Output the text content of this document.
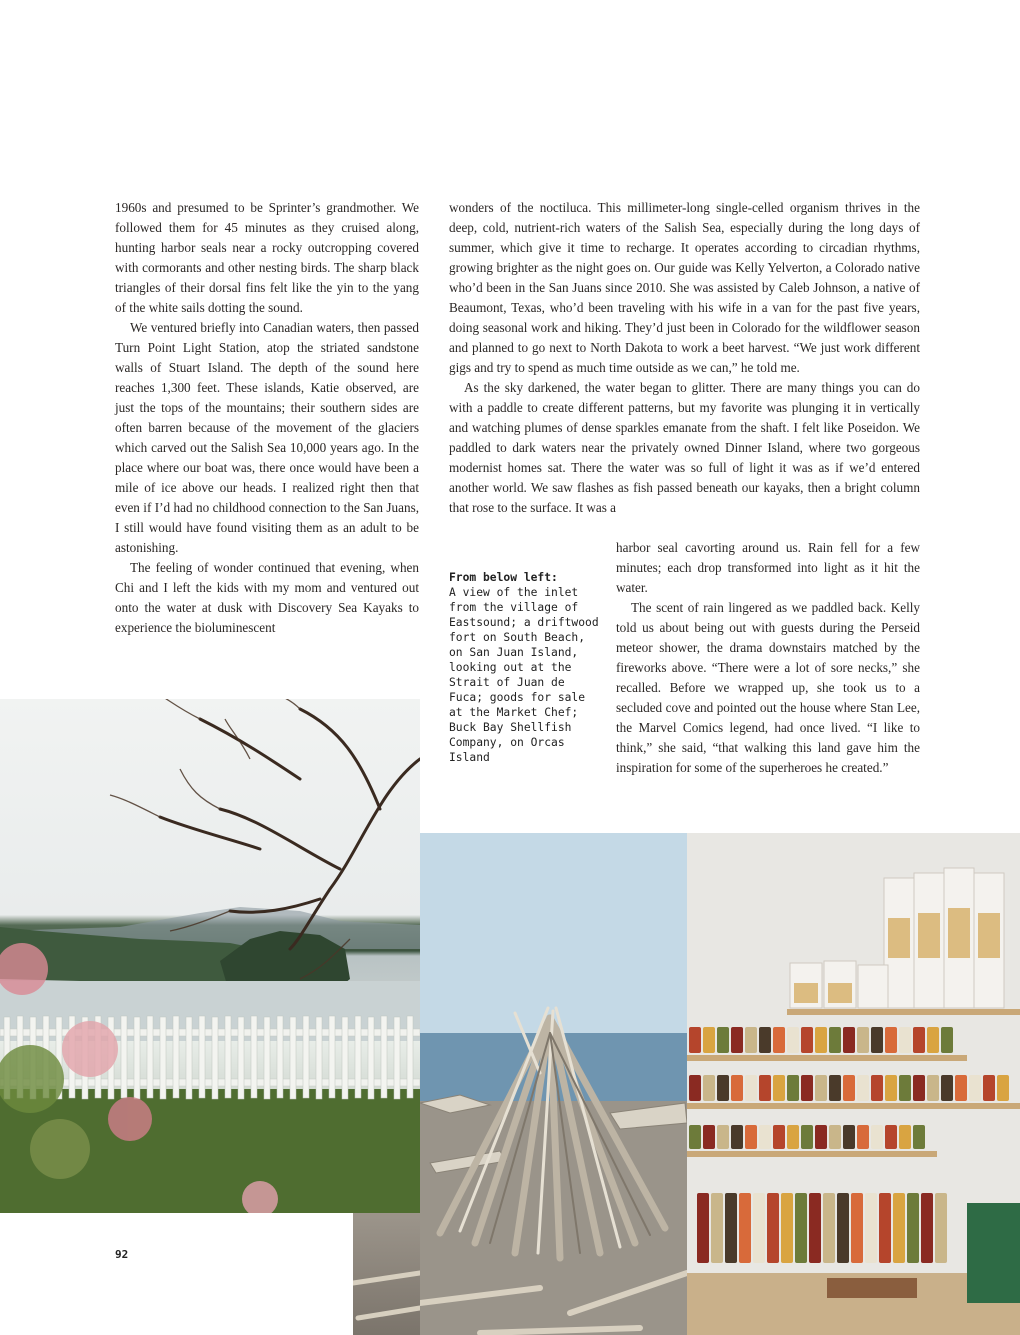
1960s and presumed to be Sprinter’s grandmother. We followed them for 45 minutes as they cruised along, hunting harbor seals near a rocky outcropping covered with cormorants and other nesting birds. The sharp black triangles of their dorsal fins felt like the yin to the yang of the white sails dotting the sound.

We ventured briefly into Canadian waters, then passed Turn Point Light Station, atop the striated sandstone walls of Stuart Island. The depth of the sound here reaches 1,300 feet. These islands, Katie observed, are just the tops of the mountains; their southern sides are often barren because of the movement of the glaciers which carved out the Salish Sea 10,000 years ago. In the place where our boat was, there once would have been a mile of ice above our heads. I realized right then that even if I’d had no childhood connection to the San Juans, I still would have found visiting them as an adult to be astonishing.

The feeling of wonder continued that evening, when Chi and I left the kids with my mom and ventured out onto the water at dusk with Discovery Sea Kayaks to experience the bioluminescent

wonders of the noctiluca. This millimeter-long single-celled organism thrives in the deep, cold, nutrient-rich waters of the Salish Sea, especially during the long days of summer, which give it time to recharge. It operates according to circadian rhythms, growing brighter as the night goes on. Our guide was Kelly Yelverton, a Colorado native who’d been in the San Juans since 2010. She was assisted by Caleb Johnson, a native of Beaumont, Texas, who’d been traveling with his wife in a van for the past five years, doing seasonal work and hiking. They’d just been in Colorado for the wildflower season and planned to go next to North Dakota to work a beet harvest. “We just work different gigs and try to spend as much time outside as we can,” he told me.

As the sky darkened, the water began to glitter. There are many things you can do with a paddle to create different patterns, but my favorite was plunging it in vertically and watching plumes of dense sparkles emanate from the shaft. I felt like Poseidon. We paddled to dark waters near the privately owned Dinner Island, where two gorgeous modernist homes sat. There the water was so full of light it was as if we’d entered another world. We saw flashes as fish passed beneath our kayaks, then a bright column that rose to the surface. It was a

harbor seal cavorting around us. Rain fell for a few minutes; each drop transformed into light as it hit the water.

The scent of rain lingered as we paddled back. Kelly told us about being out with guests during the Perseid meteor shower, the drama downstairs matched by the fireworks above. “There were a lot of sore necks,” she recalled. Before we wrapped up, she took us to a secluded cove and pointed out the house where Stan Lee, the Marvel Comics legend, had once lived. “I like to think,” she said, “that walking this land gave him the inspiration for some of the superheroes he created.”

From below left:
A view of the inlet from the village of Eastsound; a driftwood fort on South Beach, on San Juan Island, looking out at the Strait of Juan de Fuca; goods for sale at the Market Chef; Buck Bay Shellfish Company, on Orcas Island
92
